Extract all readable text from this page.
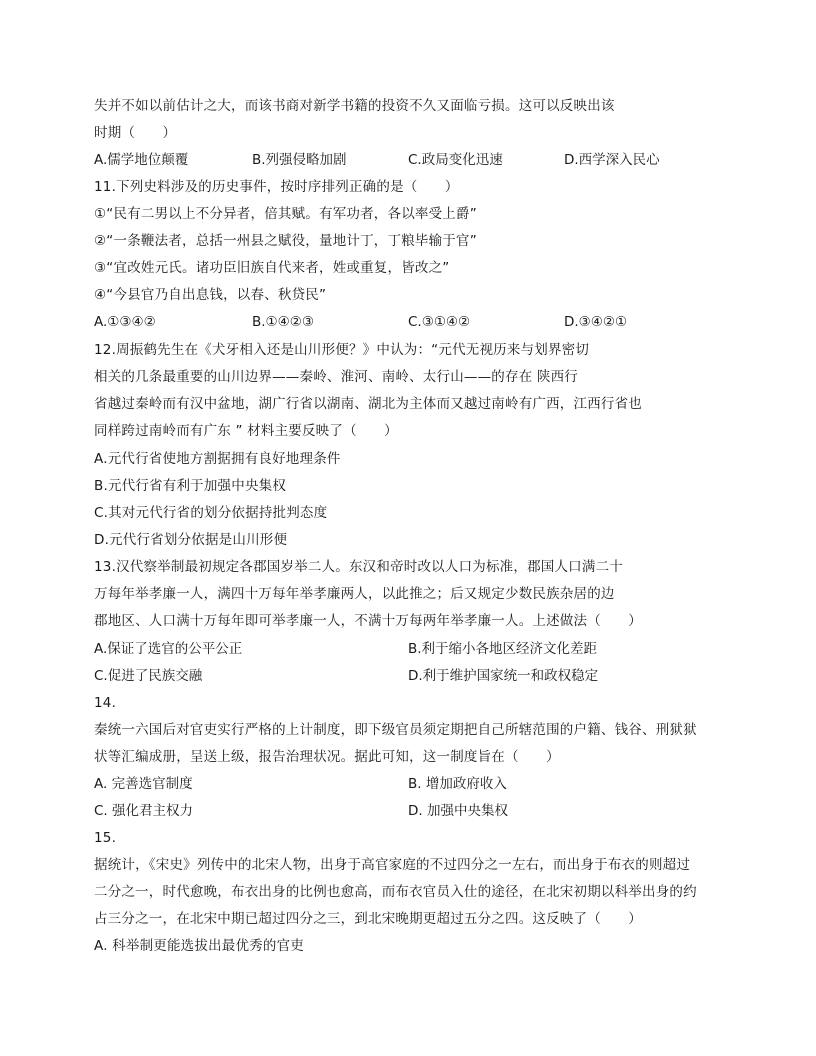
失并不如以前估计之大，而该书商对新学书籍的投资不久又面临亏损。这可以反映出该
时期（　　）
A.儒学地位颠覆	B.列强侵略加剧	C.政局变化迅速	D.西学深入民心
11.下列史料涉及的历史事件，按时序排列正确的是（　　）
①“民有二男以上不分异者，倍其赋。有军功者，各以率受上爵”
②“一条鞭法者，总括一州县之赋役，量地计丁，丁粮毕输于官”
③“宜改姓元氏。诸功臣旧族自代来者，姓或重复，皆改之”
④“今县官乃自出息钱，以春、秋贷民”
A.①③④②	B.①④②③	C.③①④②	D.③④②①
12.周振鹤先生在《犬牙相入还是山川形便？》中认为：“元代无视历来与划界密切
相关的几条最重要的山川边界——秦岭、淮河、南岭、太行山——的存在 陕西行
省越过秦岭而有汉中盆地，湖广行省以湖南、湖北为主体而又越过南岭有广西，江西行省也
同样跨过南岭而有广东 ” 材料主要反映了（　　）
A.元代行省使地方割据拥有良好地理条件
B.元代行省有利于加强中央集权
C.其对元代行省的划分依据持批判态度
D.元代行省划分依据是山川形便
13.汉代察举制最初规定各郡国岁举二人。东汉和帝时改以人口为标准，郡国人口满二十
万每年举孝廉一人，满四十万每年举孝廉两人，以此推之；后又规定少数民族杂居的边
郡地区、人口满十万每年即可举孝廉一人，不满十万每两年举孝廉一人。上述做法（　　）
A.保证了选官的公平公正	B.利于缩小各地区经济文化差距
C.促进了民族交融	D.利于维护国家统一和政权稳定
14.
秦统一六国后对官吏实行严格的上计制度，即下级官员须定期把自己所辖范围的户籍、钱谷、刑狱狱
状等汇编成册，呈送上级，报告治理状况。据此可知，这一制度旨在（　　）
A. 完善选官制度	B. 增加政府收入
C. 强化君主权力	D. 加强中央集权
15.
据统计，《宋史》列传中的北宋人物，出身于高官家庭的不过四分之一左右，而出身于布衣的则超过
二分之一，时代愈晚，布衣出身的比例也愈高，而布衣官员入仕的途径，在北宋初期以科举出身的约
占三分之一，在北宋中期已超过四分之三，到北宋晚期更超过五分之四。这反映了（　　）
A. 科举制更能选拔出最优秀的官吏
